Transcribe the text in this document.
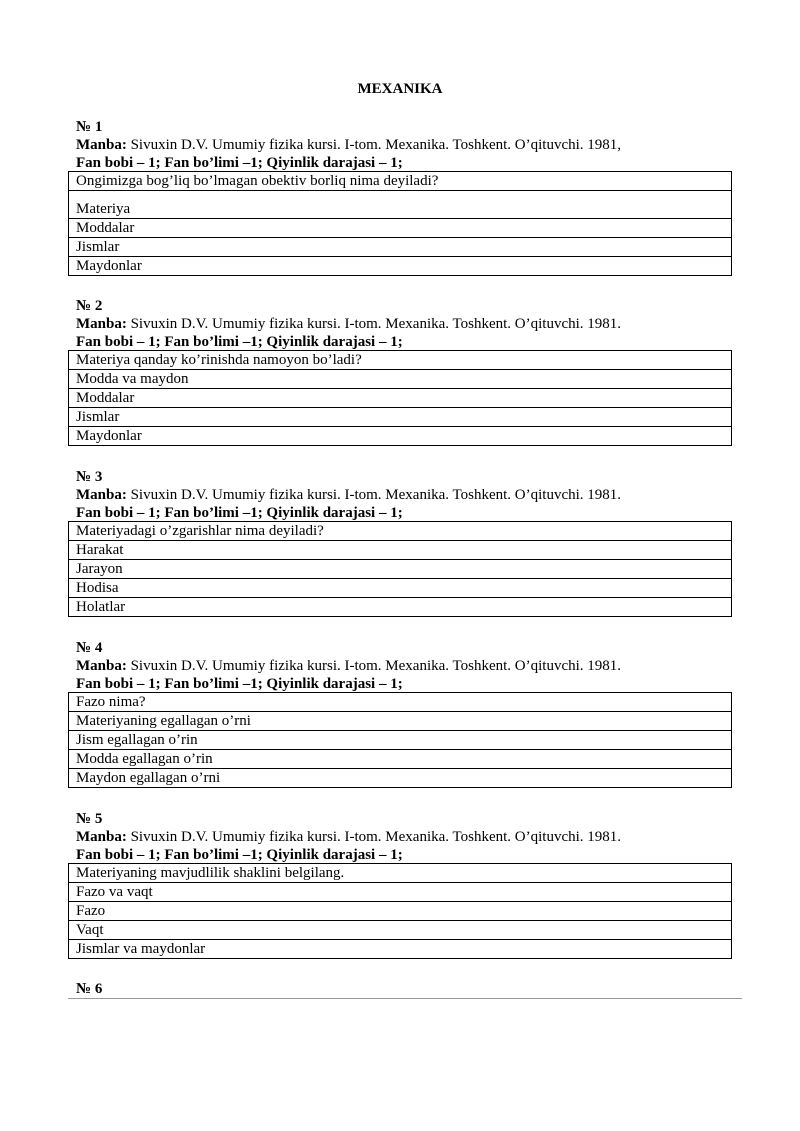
MEXANIKA
№ 1
Manba: Sivuxin D.V. Umumiy fizika kursi. I-tom. Mexanika. Toshkent. O’qituvchi. 1981,
Fan bobi – 1; Fan bo’limi –1; Qiyinlik darajasi – 1;
Ongimizga bog’liq bo’lmagan obektiv borliq nima deyiladi?
Materiya
Moddalar
Jismlar
Maydonlar
№ 2
Manba: Sivuxin D.V. Umumiy fizika kursi. I-tom. Mexanika. Toshkent. O’qituvchi. 1981.
Fan bobi – 1; Fan bo’limi –1; Qiyinlik darajasi – 1;
Materiya qanday ko’rinishda namoyon bo’ladi?
Modda va maydon
Moddalar
Jismlar
Maydonlar
№ 3
Manba: Sivuxin D.V. Umumiy fizika kursi. I-tom. Mexanika. Toshkent. O’qituvchi. 1981.
Fan bobi – 1; Fan bo’limi –1; Qiyinlik darajasi – 1;
Materiyadagi o’zgarishlar nima deyiladi?
Harakat
Jarayon
Hodisa
Holatlar
№ 4
Manba: Sivuxin D.V. Umumiy fizika kursi. I-tom. Mexanika. Toshkent. O’qituvchi. 1981.
Fan bobi – 1; Fan bo’limi –1; Qiyinlik darajasi – 1;
Fazo nima?
Materiyaning egallagan o’rni
Jism egallagan o’rin
Modda egallagan o’rin
Maydon egallagan o’rni
№ 5
Manba: Sivuxin D.V. Umumiy fizika kursi. I-tom. Mexanika. Toshkent. O’qituvchi. 1981.
Fan bobi – 1; Fan bo’limi –1; Qiyinlik darajasi – 1;
Materiyaning mavjudlilik shaklini belgilang.
Fazo va vaqt
Fazo
Vaqt
Jismlar va maydonlar
№ 6
